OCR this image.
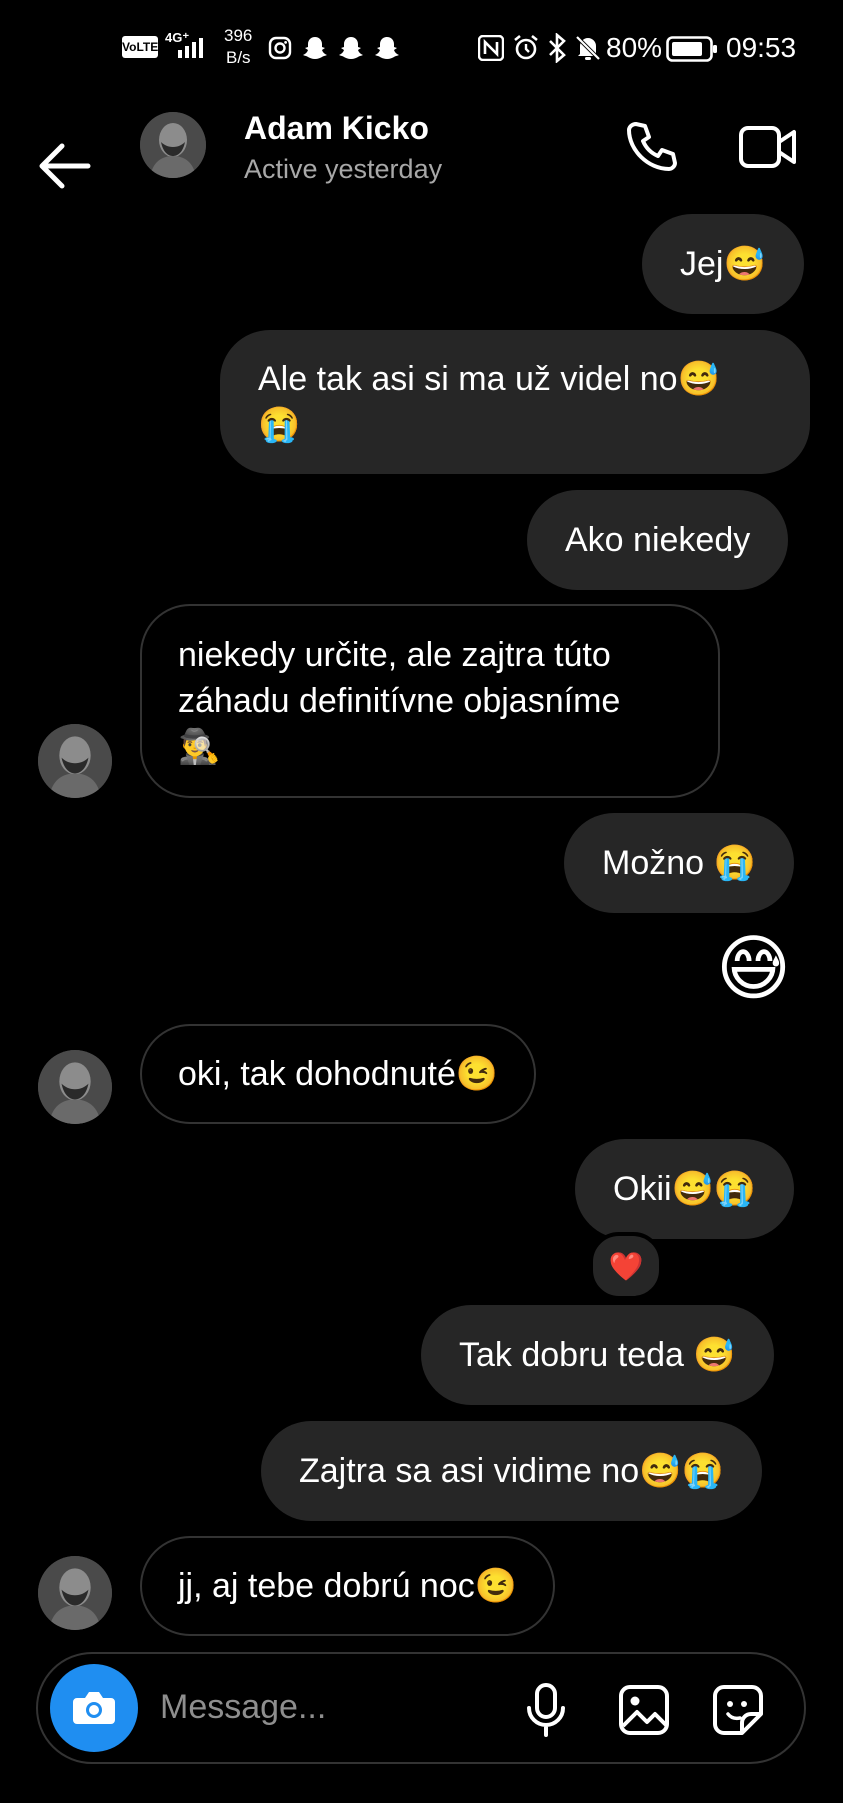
VoLTE
4G⁺ 396
B/s	80% 09:53
Adam Kicko
Active yesterday
Jej😅
Ale tak asi si ma už videl no😅
😭
Ako niekedy
niekedy určite, ale zajtra túto
záhadu definitívne objasníme
🕵️‍♂️
Možno 😭
😅
oki, tak dohodnuté😉
Okii😅😭
❤️
Tak dobru teda 😅
Zajtra sa asi vidime no😅😭
jj, aj tebe dobrú noc😉
Message...
